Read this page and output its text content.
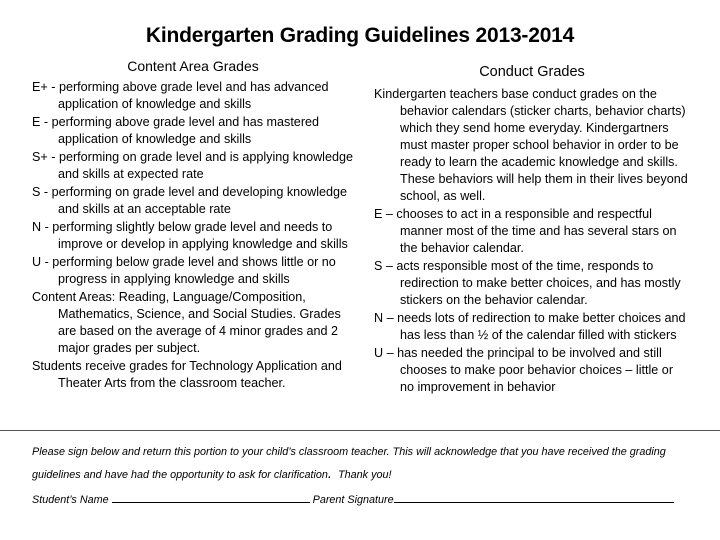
Kindergarten Grading Guidelines 2013-2014
Content Area Grades

E+ - performing above grade level and has advanced application of knowledge and skills

E - performing above grade level and has mastered application of knowledge and skills

S+ - performing on grade level and is applying knowledge and skills at expected rate

S - performing on grade level and developing knowledge and skills at an acceptable rate

N - performing slightly below grade level and needs to improve or develop in applying knowledge and skills

U - performing below grade level and shows little or no progress in applying knowledge and skills

Content Areas: Reading, Language/Composition, Mathematics, Science, and Social Studies. Grades are based on the average of 4 minor grades and 2 major grades per subject.

Students receive grades for Technology Application and Theater Arts from the classroom teacher.

Conduct Grades

Kindergarten teachers base conduct grades on the behavior calendars (sticker charts, behavior charts) which they send home everyday. Kindergartners must master proper school behavior in order to be ready to learn the academic knowledge and skills. These behaviors will help them in their lives beyond school, as well.

E – chooses to act in a responsible and respectful manner most of the time and has several stars on the behavior calendar.

S – acts responsible most of the time, responds to redirection to make better choices, and has mostly stickers on the behavior calendar.

N – needs lots of redirection to make better choices and has less than ½ of the calendar filled with stickers

U – has needed the principal to be involved and still chooses to make poor behavior choices – little or no improvement in behavior

Please sign below and return this portion to your child’s classroom teacher. This will acknowledge that you have received the grading guidelines and have had the opportunity to ask for clarification.  Thank you!
Student’s Name	Parent Signature
